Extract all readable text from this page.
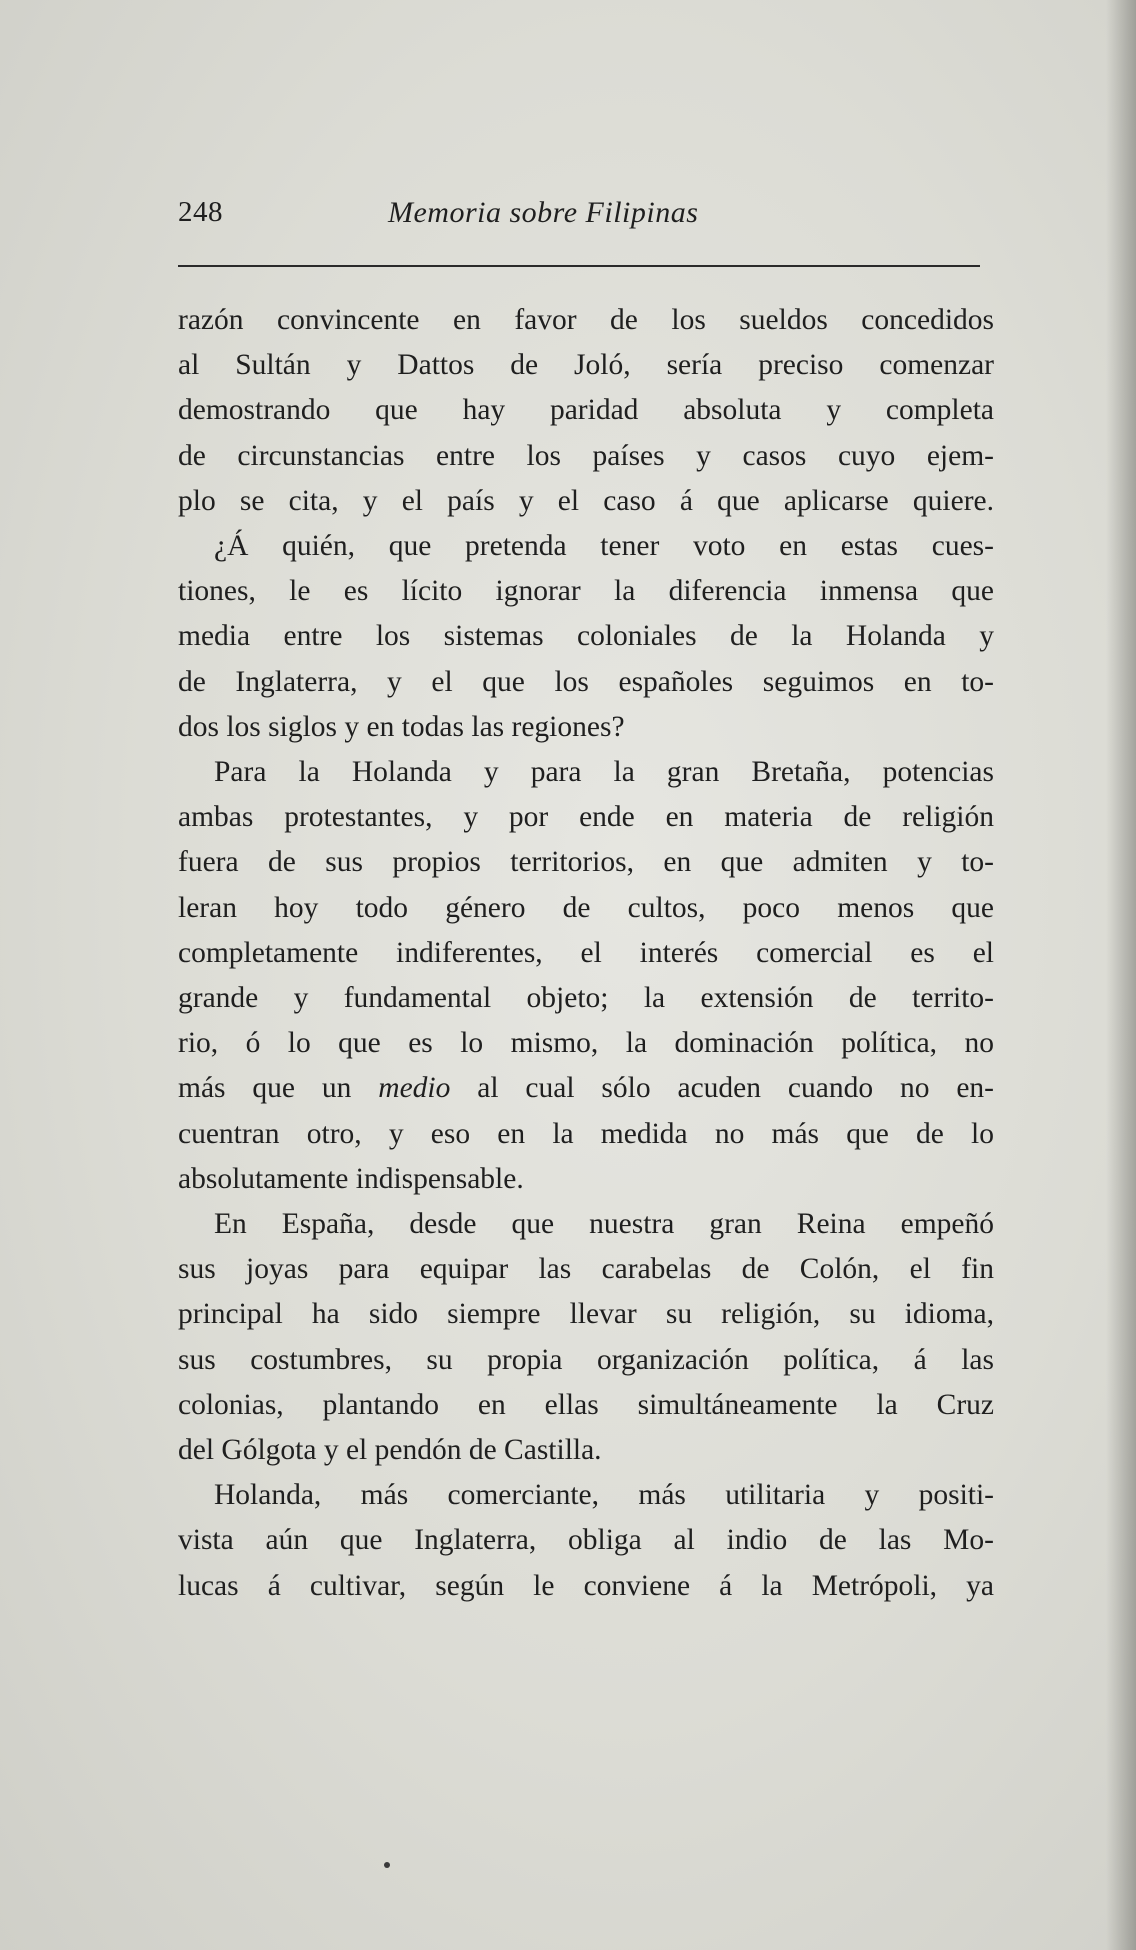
248	Memoria sobre Filipinas
razón convincente en favor de los sueldos concedidos
al Sultán y Dattos de Joló, sería preciso comenzar
demostrando que hay paridad absoluta y completa
de circunstancias entre los países y casos cuyo ejem-
plo se cita, y el país y el caso á que aplicarse quiere.
¿Á quién, que pretenda tener voto en estas cues-
tiones, le es lícito ignorar la diferencia inmensa que
media entre los sistemas coloniales de la Holanda y
de Inglaterra, y el que los españoles seguimos en to-
dos los siglos y en todas las regiones?
Para la Holanda y para la gran Bretaña, potencias
ambas protestantes, y por ende en materia de religión
fuera de sus propios territorios, en que admiten y to-
leran hoy todo género de cultos, poco menos que
completamente indiferentes, el interés comercial es el
grande y fundamental objeto; la extensión de territo-
rio, ó lo que es lo mismo, la dominación política, no
más que un medio al cual sólo acuden cuando no en-
cuentran otro, y eso en la medida no más que de lo
absolutamente indispensable.
En España, desde que nuestra gran Reina empeñó
sus joyas para equipar las carabelas de Colón, el fin
principal ha sido siempre llevar su religión, su idioma,
sus costumbres, su propia organización política, á las
colonias, plantando en ellas simultáneamente la Cruz
del Gólgota y el pendón de Castilla.
Holanda, más comerciante, más utilitaria y positi-
vista aún que Inglaterra, obliga al indio de las Mo-
lucas á cultivar, según le conviene á la Metrópoli, ya
